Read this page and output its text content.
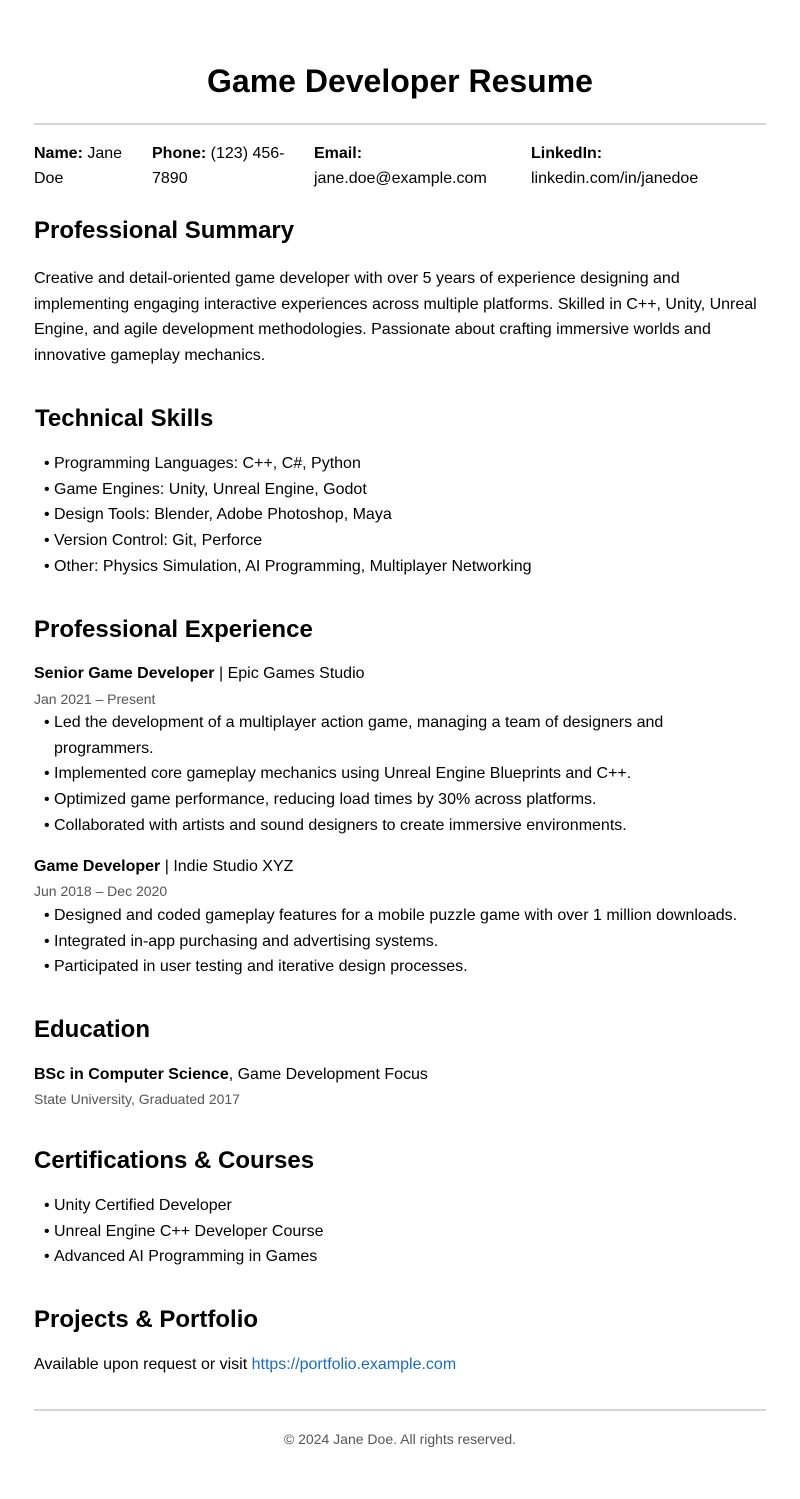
Game Developer Resume
Name: Jane Doe
Phone: (123) 456-7890
Email:
jane.doe@example.com
LinkedIn:
linkedin.com/in/janedoe
Professional Summary

Creative and detail-oriented game developer with over 5 years of experience designing and implementing engaging interactive experiences across multiple platforms. Skilled in C++, Unity, Unreal Engine, and agile development methodologies. Passionate about crafting immersive worlds and innovative gameplay mechanics.

Technical Skills
• Programming Languages: C++, C#, Python
• Game Engines: Unity, Unreal Engine, Godot
• Design Tools: Blender, Adobe Photoshop, Maya
• Version Control: Git, Perforce
• Other: Physics Simulation, AI Programming, Multiplayer Networking
Professional Experience
Senior Game Developer | Epic Games Studio
Jan 2021 – Present
• Led the development of a multiplayer action game, managing a team of designers and programmers.
• Implemented core gameplay mechanics using Unreal Engine Blueprints and C++.
• Optimized game performance, reducing load times by 30% across platforms.
• Collaborated with artists and sound designers to create immersive environments.
Game Developer | Indie Studio XYZ
Jun 2018 – Dec 2020
• Designed and coded gameplay features for a mobile puzzle game with over 1 million downloads.
• Integrated in-app purchasing and advertising systems.
• Participated in user testing and iterative design processes.
Education
BSc in Computer Science, Game Development Focus
State University, Graduated 2017
Certifications & Courses
• Unity Certified Developer
• Unreal Engine C++ Developer Course
• Advanced AI Programming in Games
Projects & Portfolio

Available upon request or visit https://portfolio.example.com

© 2024 Jane Doe. All rights reserved.
